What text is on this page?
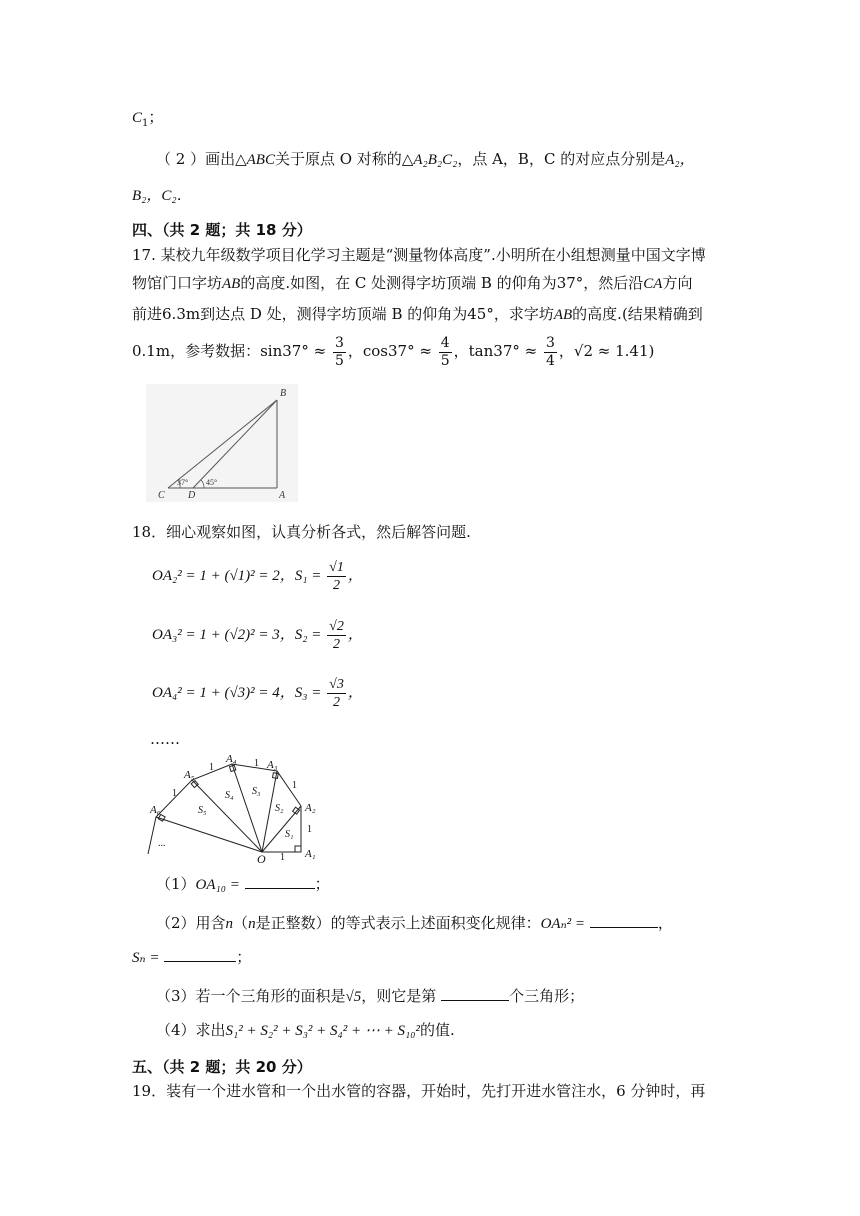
$C_1$；
（ 2 ）画出△ABC关于原点 O 对称的△A₂B₂C₂，点 A，B，C 的对应点分别是A₂，
B₂，C₂．
四、（共 2 题；共 18 分）
17. 某校九年级数学项目化学习主题是“测量物体高度”.小明所在小组想测量中国文字博
物馆门口字坊AB的高度.如图，在 C 处测得字坊顶端 B 的仰角为37°，然后沿CA方向
前进6.3m到达点 D 处，测得字坊顶端 B 的仰角为45°，求字坊AB的高度.(结果精确到
0.1m，参考数据：$\sin 37^\circ \approx \frac{3}{5}$ ，$\cos 37^\circ \approx \frac{4}{5}$ ，$\tan 37^\circ \approx \frac{3}{4}$ ，√2 ≈ 1.41)
B
C D	A
37° 45°
18．细心观察如图，认真分析各式，然后解答问题.
OA₂² = 1 + (√1)² = 2，$S_1 = \frac{√1}{2}$ ，
OA₃² = 1 + (√2)² = 3，$S_2 = \frac{√2}{2}$ ，
OA₄² = 1 + (√3)² = 4，$S_3 = \frac{√3}{2}$ ，
……
O	A₁
A₂
A₃
A₄
A₅
A₆
S₁
S₂
S₃
S₄
S₅
1
1
1
1
1
1
...
（1）OA₁₀ =	；
（2）用含n（n是正整数）的等式表示上述面积变化规律：OAₙ² =	，
Sₙ =	；
（3）若一个三角形的面积是√5，则它是第	个三角形；
（4）求出S₁² + S₂² + S₃² + S₄² + ⋯ + S₁₀²的值.
五、（共 2 题；共 20 分）
19．装有一个进水管和一个出水管的容器，开始时，先打开进水管注水，6 分钟时，再
